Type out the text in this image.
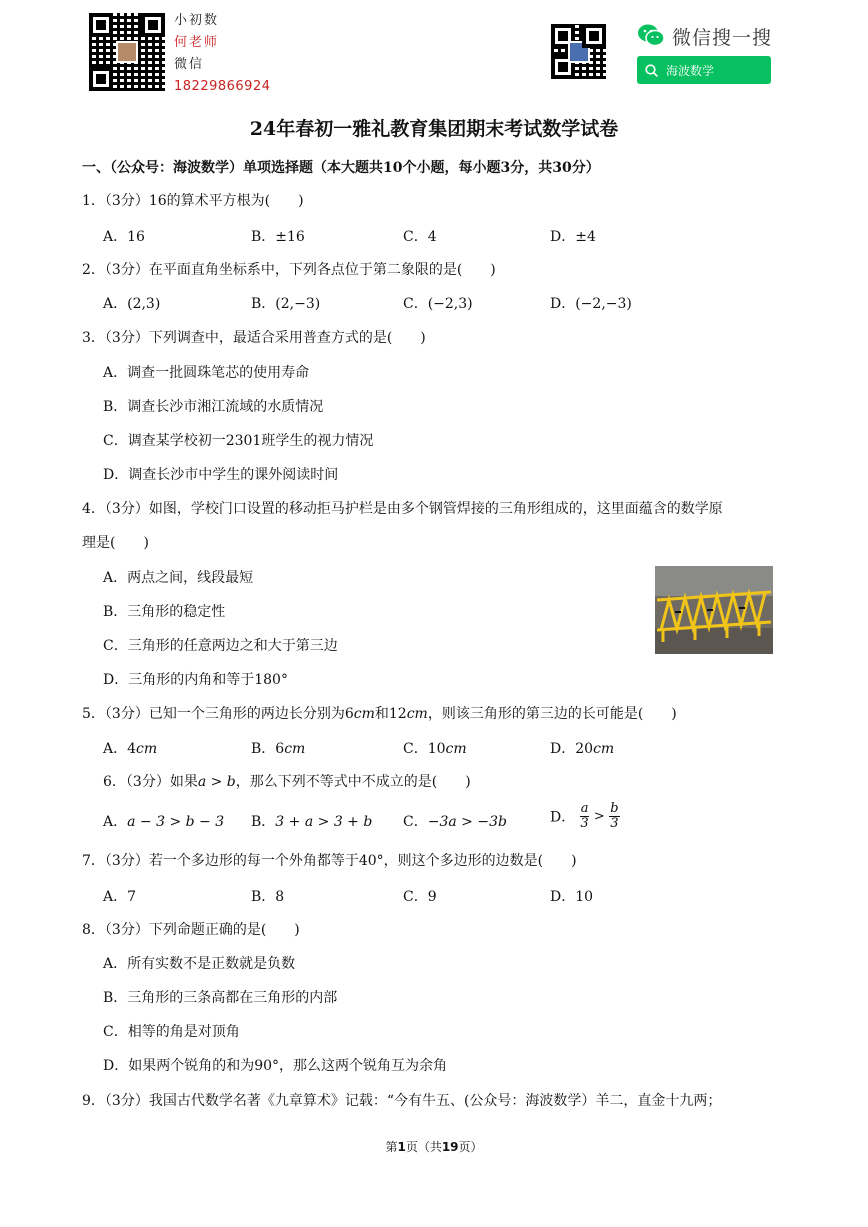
小初数
何老师
微信
18229866924
微信搜一搜
海波数学
24年春初一雅礼教育集团期末考试数学试卷
一、（公众号：海波数学）单项选择题（本大题共10个小题，每小题3分，共30分）
1．（3分）16的算术平方根为(　　)
A．16	B．±16	C．4	D．±4
2．（3分）在平面直角坐标系中，下列各点位于第二象限的是(　　)
A．(2,3)	B．(2,−3)	C．(−2,3)	D．(−2,−3)
3．（3分）下列调查中，最适合采用普查方式的是(　　)
A．调查一批圆珠笔芯的使用寿命
B．调查长沙市湘江流域的水质情况
C．调查某学校初一2301班学生的视力情况
D．调查长沙市中学生的课外阅读时间
4．（3分）如图，学校门口设置的移动拒马护栏是由多个钢管焊接的三角形组成的，这里面蕴含的数学原
理是(　　)
A．两点之间，线段最短
B．三角形的稳定性
C．三角形的任意两边之和大于第三边
D．三角形的内角和等于180°
5．（3分）已知一个三角形的两边长分别为6cm和12cm，则该三角形的第三边的长可能是(　　)
A．4cm	B．6cm	C．10cm	D．20cm
6．（3分）如果a > b，那么下列不等式中不成立的是(　　)
A．a − 3 > b − 3 B．3 + a > 3 + b C．−3a > −3b	D． $\frac{a}{3} > \frac{b}{3}$
7．（3分）若一个多边形的每一个外角都等于40°，则这个多边形的边数是(　　)
A．7	B．8	C．9	D．10
8．（3分）下列命题正确的是(　　)
A．所有实数不是正数就是负数
B．三角形的三条高都在三角形的内部
C．相等的角是对顶角
D．如果两个锐角的和为90°，那么这两个锐角互为余角
9．（3分）我国古代数学名著《九章算术》记载：“今有牛五、(公众号：海波数学）羊二，直金十九两；
第1页（共19页）
